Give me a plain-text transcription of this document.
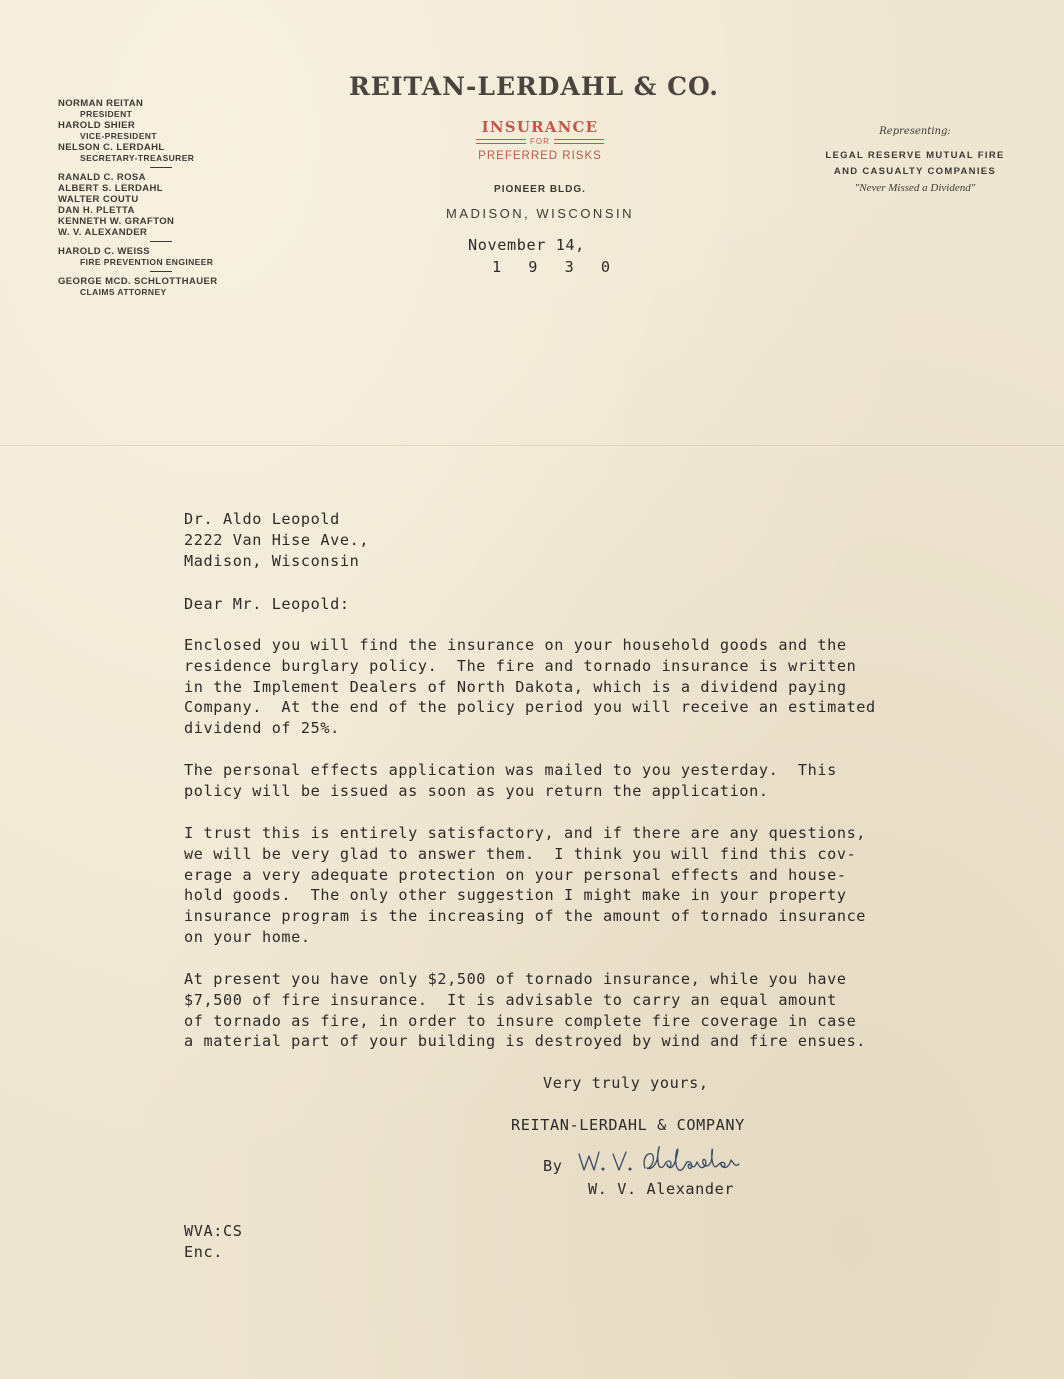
NORMAN REITAN
PRESIDENT
HAROLD SHIER
VICE-PRESIDENT
NELSON C. LERDAHL
SECRETARY-TREASURER
RANALD C. ROSA
ALBERT S. LERDAHL
WALTER COUTU
DAN H. PLETTA
KENNETH W. GRAFTON
W. V. ALEXANDER
HAROLD C. WEISS
FIRE PREVENTION ENGINEER
GEORGE MCD. SCHLOTTHAUER
CLAIMS ATTORNEY
REITAN-LERDAHL & CO.
INSURANCE
FOR
PREFERRED RISKS
PIONEER BLDG.
MADISON, WISCONSIN
Representing:
LEGAL RESERVE MUTUAL FIRE
AND CASUALTY COMPANIES
"Never Missed a Dividend"
November 14,
1 9 3 0
Dr. Aldo Leopold
2222 Van Hise Ave.,
Madison, Wisconsin
Dear Mr. Leopold:
Enclosed you will find the insurance on your household goods and the
residence burglary policy.  The fire and tornado insurance is written
in the Implement Dealers of North Dakota, which is a dividend paying
Company.  At the end of the policy period you will receive an estimated
dividend of 25%.
The personal effects application was mailed to you yesterday.  This
policy will be issued as soon as you return the application.
I trust this is entirely satisfactory, and if there are any questions,
we will be very glad to answer them.  I think you will find this cov-
erage a very adequate protection on your personal effects and house-
hold goods.  The only other suggestion I might make in your property
insurance program is the increasing of the amount of tornado insurance
on your home.
At present you have only $2,500 of tornado insurance, while you have
$7,500 of fire insurance.  It is advisable to carry an equal amount
of tornado as fire, in order to insure complete fire coverage in case
a material part of your building is destroyed by wind and fire ensues.
Very truly yours,
REITAN-LERDAHL & COMPANY
By
W. V. Alexander
WVA:CS
Enc.
